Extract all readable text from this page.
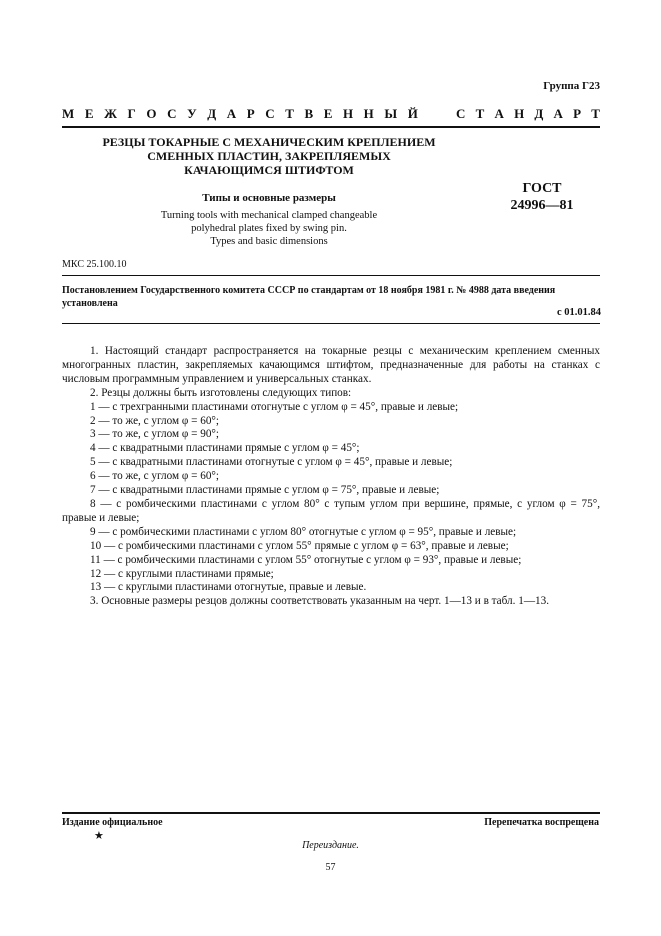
Группа Г23
М Е Ж Г О С У Д А Р С Т В Е Н Н Ы Й	С Т А Н Д А Р Т
РЕЗЦЫ ТОКАРНЫЕ С МЕХАНИЧЕСКИМ КРЕПЛЕНИЕМ
СМЕННЫХ ПЛАСТИН, ЗАКРЕПЛЯЕМЫХ
КАЧАЮЩИМСЯ ШТИФТОМ
Типы и основные размеры
Turning tools with mechanical clamped changeable
polyhedral plates fixed by swing pin.
Types and basic dimensions
ГОСТ
24996—81
МКС 25.100.10
Постановлением Государственного комитета СССР по стандартам от 18 ноября 1981 г. № 4988 дата введения установлена
с 01.01.84

1. Настоящий стандарт распространяется на токарные резцы с механическим креплением сменных многогранных пластин, закрепляемых качающимся штифтом, предназначенные для работы на станках с числовым программным управлением и универсальных станках.

2. Резцы должны быть изготовлены следующих типов:

1 — с трехгранными пластинами отогнутые с углом φ = 45°, правые и левые;

2 — то же, с углом φ = 60°;

3 — то же, с углом φ = 90°;

4 — с квадратными пластинами прямые с углом φ = 45°;

5 — с квадратными пластинами отогнутые с углом φ = 45°, правые и левые;

6 — то же, с углом φ = 60°;

7 — с квадратными пластинами прямые с углом φ = 75°, правые и левые;

8 — с ромбическими пластинами с углом 80° с тупым углом при вершине, прямые, с углом φ = 75°, правые и левые;

9 — с ромбическими пластинами с углом 80° отогнутые с углом φ = 95°, правые и левые;

10 — с ромбическими пластинами с углом 55° прямые с углом φ = 63°, правые и левые;

11 — с ромбическими пластинами с углом 55° отогнутые с углом φ = 93°, правые и левые;

12 — с круглыми пластинами прямые;

13 — с круглыми пластинами отогнутые, правые и левые.

3. Основные размеры резцов должны соответствовать указанным на черт. 1—13 и в табл. 1—13.

Издание официальное
★
Перепечатка воспрещена
Переиздание.
57
